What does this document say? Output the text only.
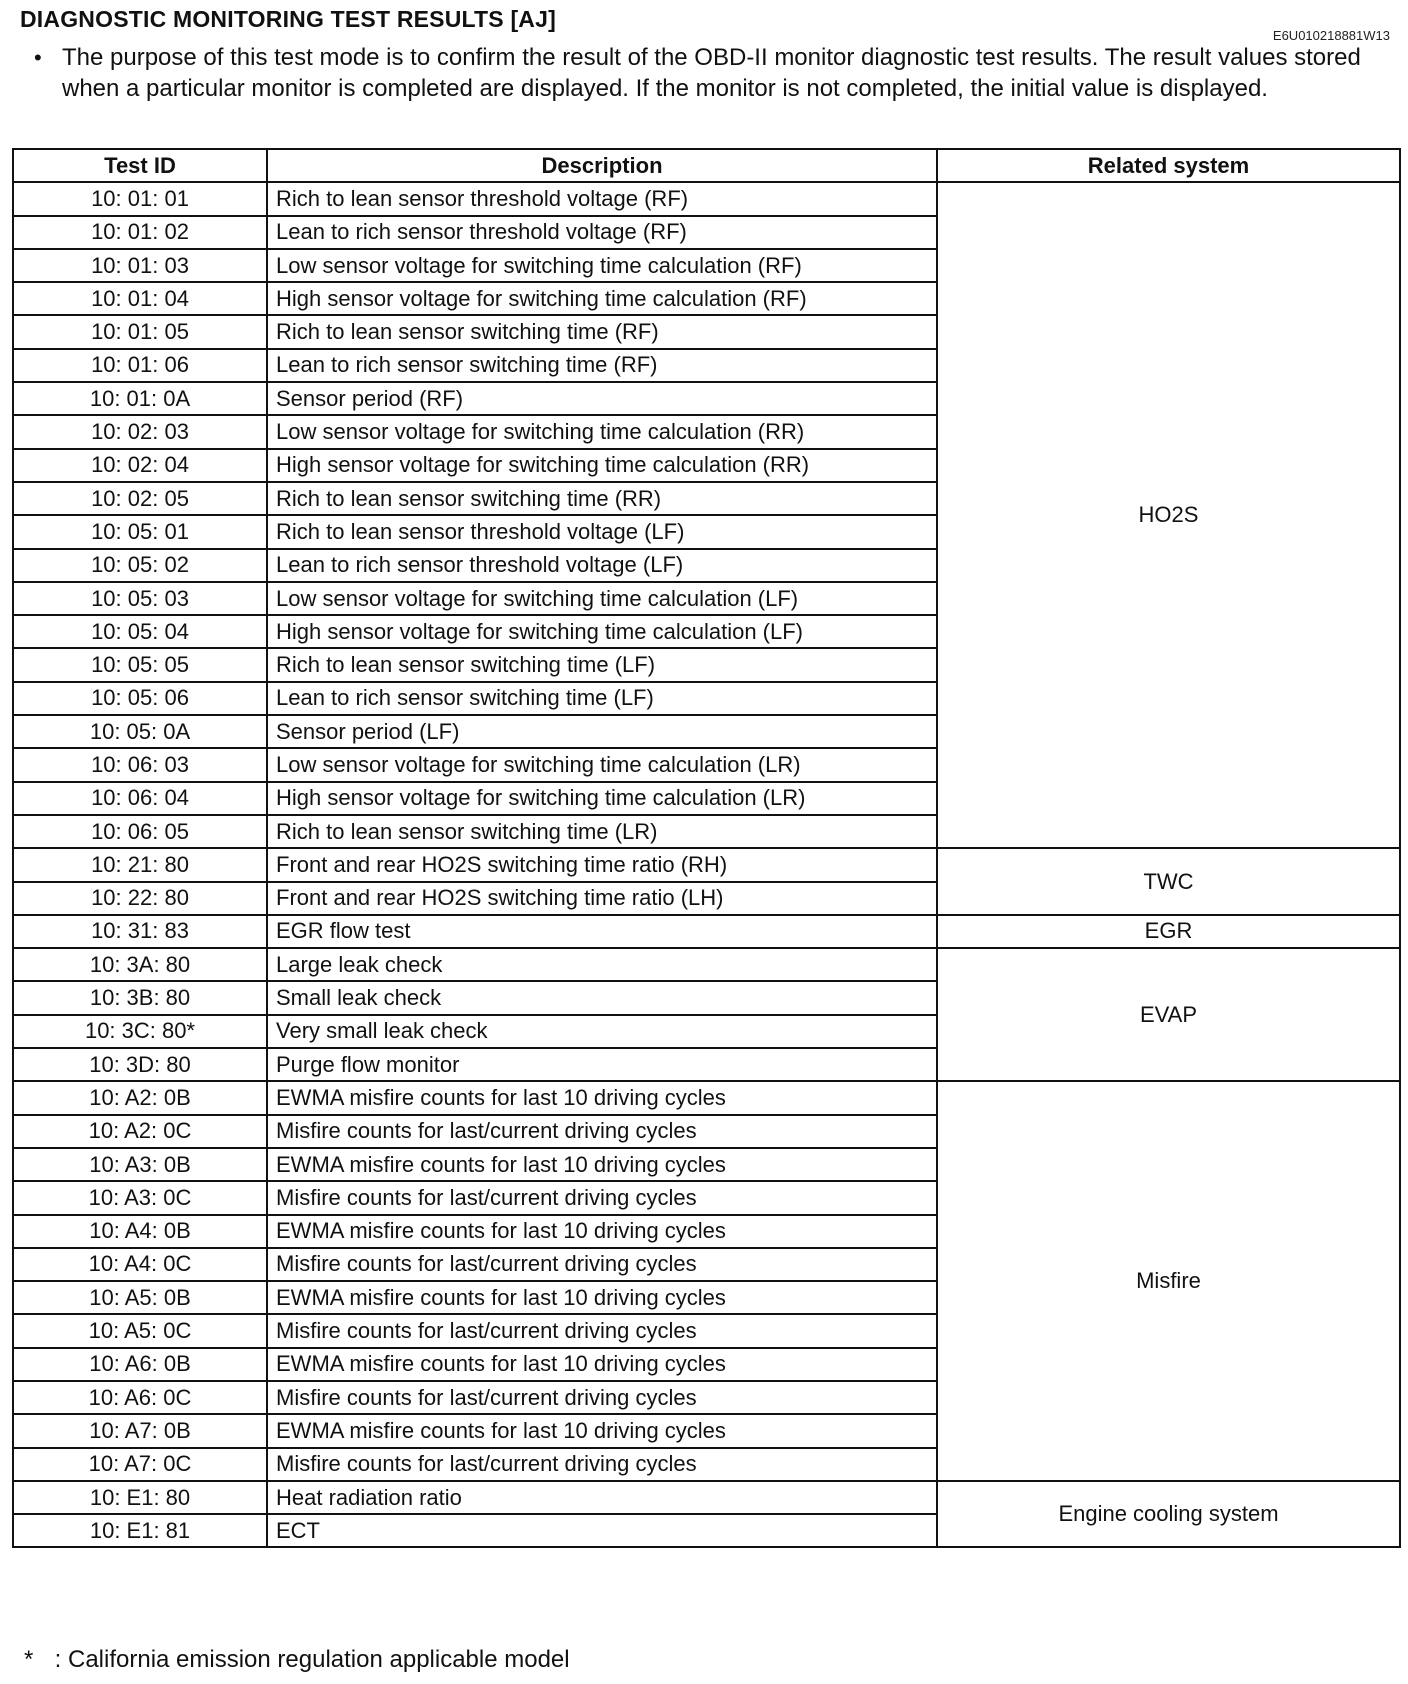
DIAGNOSTIC MONITORING TEST RESULTS [AJ]
E6U010218881W13
• The purpose of this test mode is to confirm the result of the OBD-II monitor diagnostic test results. The result values stored when a particular monitor is completed are displayed. If the monitor is not completed, the initial value is displayed.
Test ID	Description	Related system
10: 01: 01	Rich to lean sensor threshold voltage (RF)	HO2S
10: 01: 02	Lean to rich sensor threshold voltage (RF)	
10: 01: 03	Low sensor voltage for switching time calculation (RF)	
10: 01: 04	High sensor voltage for switching time calculation (RF)	
10: 01: 05	Rich to lean sensor switching time (RF)	
10: 01: 06	Lean to rich sensor switching time (RF)	
10: 01: 0A	Sensor period (RF)	
10: 02: 03	Low sensor voltage for switching time calculation (RR)	
10: 02: 04	High sensor voltage for switching time calculation (RR)	
10: 02: 05	Rich to lean sensor switching time (RR)	
10: 05: 01	Rich to lean sensor threshold voltage (LF)	
10: 05: 02	Lean to rich sensor threshold voltage (LF)	
10: 05: 03	Low sensor voltage for switching time calculation (LF)	
10: 05: 04	High sensor voltage for switching time calculation (LF)	
10: 05: 05	Rich to lean sensor switching time (LF)	
10: 05: 06	Lean to rich sensor switching time (LF)	
10: 05: 0A	Sensor period (LF)	
10: 06: 03	Low sensor voltage for switching time calculation (LR)	
10: 06: 04	High sensor voltage for switching time calculation (LR)	
10: 06: 05	Rich to lean sensor switching time (LR)	
10: 21: 80	Front and rear HO2S switching time ratio (RH)	TWC
10: 22: 80	Front and rear HO2S switching time ratio (LH)	
10: 31: 83	EGR flow test	EGR
10: 3A: 80	Large leak check	EVAP
10: 3B: 80	Small leak check	
10: 3C: 80*	Very small leak check	
10: 3D: 80	Purge flow monitor	
10: A2: 0B	EWMA misfire counts for last 10 driving cycles	Misfire
10: A2: 0C	Misfire counts for last/current driving cycles	
10: A3: 0B	EWMA misfire counts for last 10 driving cycles	
10: A3: 0C	Misfire counts for last/current driving cycles	
10: A4: 0B	EWMA misfire counts for last 10 driving cycles	
10: A4: 0C	Misfire counts for last/current driving cycles	
10: A5: 0B	EWMA misfire counts for last 10 driving cycles	
10: A5: 0C	Misfire counts for last/current driving cycles	
10: A6: 0B	EWMA misfire counts for last 10 driving cycles	
10: A6: 0C	Misfire counts for last/current driving cycles	
10: A7: 0B	EWMA misfire counts for last 10 driving cycles	
10: A7: 0C	Misfire counts for last/current driving cycles	
10: E1: 80	Heat radiation ratio	Engine cooling system
10: E1: 81	ECT	
* : California emission regulation applicable model
